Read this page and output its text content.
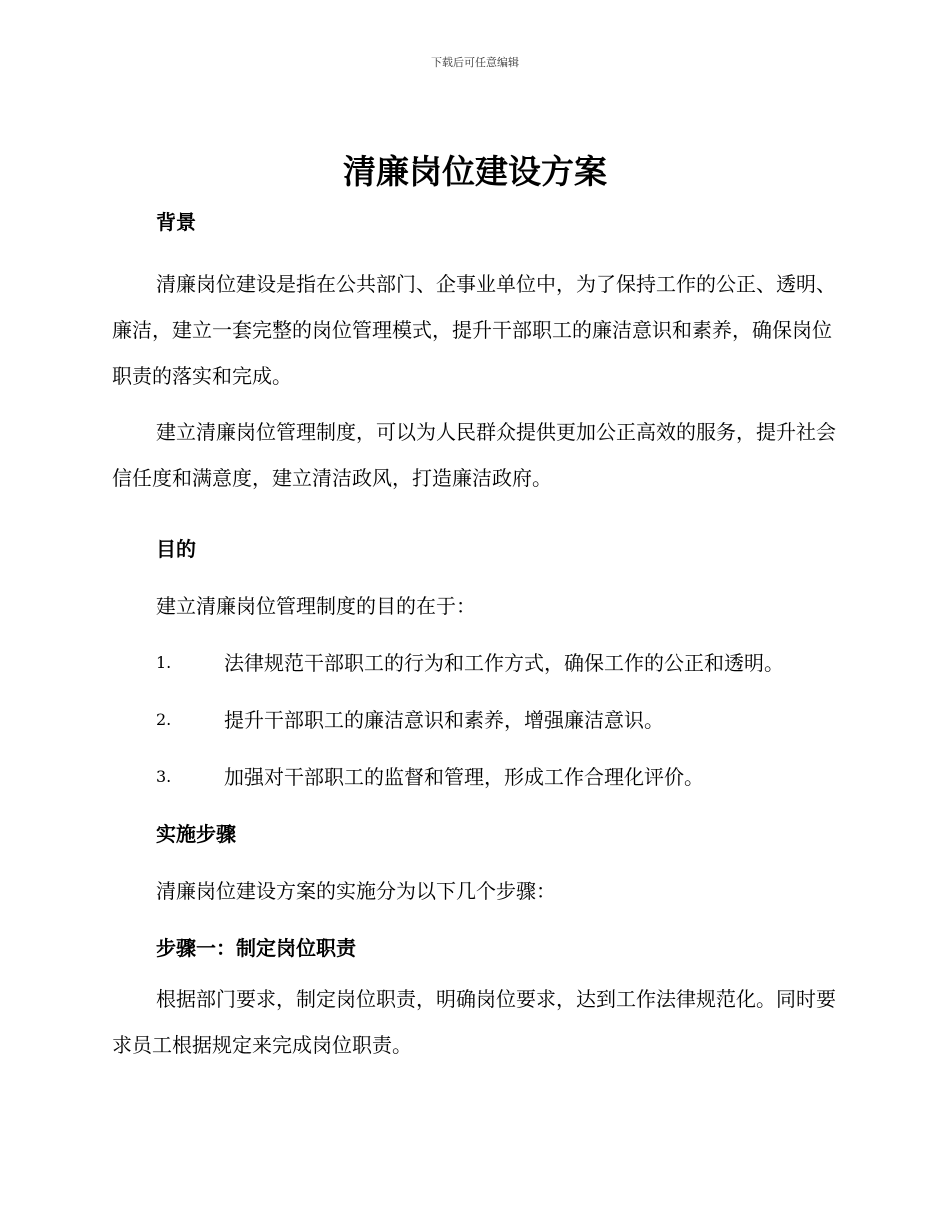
下载后可任意编辑
清廉岗位建设方案
背景

清廉岗位建设是指在公共部门、企事业单位中，为了保持工作的公正、透明、廉洁，建立一套完整的岗位管理模式，提升干部职工的廉洁意识和素养，确保岗位职责的落实和完成。

建立清廉岗位管理制度，可以为人民群众提供更加公正高效的服务，提升社会信任度和满意度，建立清洁政风，打造廉洁政府。

目的
建立清廉岗位管理制度的目的在于：
1.	法律规范干部职工的行为和工作方式，确保工作的公正和透明。
2.	提升干部职工的廉洁意识和素养，增强廉洁意识。
3.	加强对干部职工的监督和管理，形成工作合理化评价。
实施步骤
清廉岗位建设方案的实施分为以下几个步骤：
步骤一：制定岗位职责

根据部门要求，制定岗位职责，明确岗位要求，达到工作法律规范化。同时要求员工根据规定来完成岗位职责。
